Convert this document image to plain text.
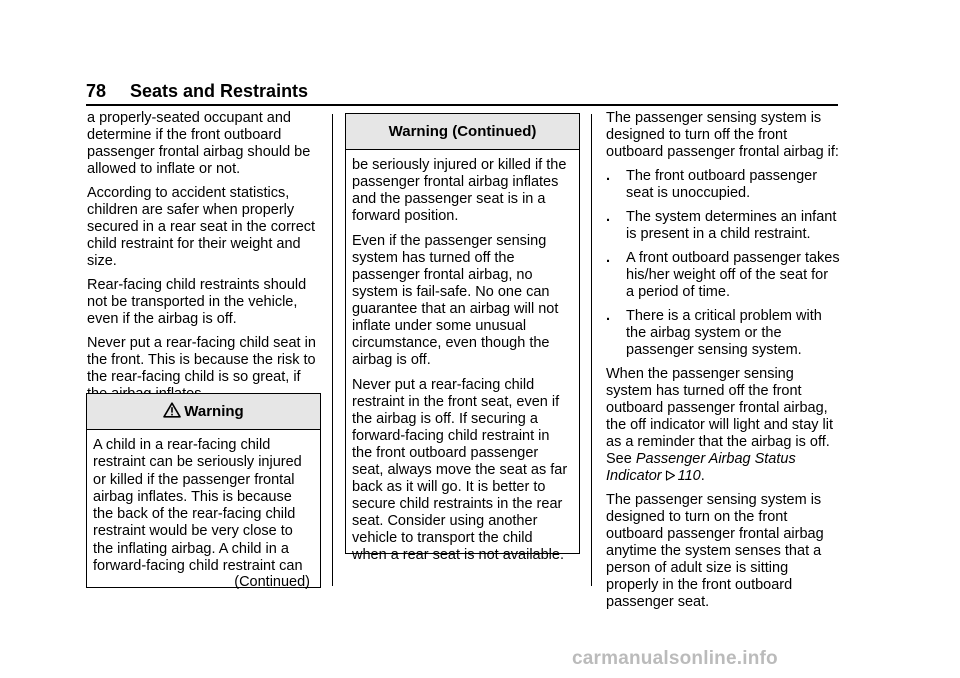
78 Seats and Restraints

a properly-seated occupant and determine if the front outboard passenger frontal airbag should be allowed to inflate or not.

According to accident statistics, children are safer when properly secured in a rear seat in the correct child restraint for their weight and size.

Rear-facing child restraints should not be transported in the vehicle, even if the airbag is off.

Never put a rear-facing child seat in the front. This is because the risk to the rear-facing child is so great, if

Warning

A child in a rear-facing child restraint can be seriously injured or killed if the passenger frontal airbag inflates. This is because the back of the rear-facing child restraint would be very close to the inflating airbag. A child in a forward-facing child restraint can

(Continued)
Warning (Continued)

be seriously injured or killed if the passenger frontal airbag inflates and the passenger seat is in a forward position.

Even if the passenger sensing system has turned off the passenger frontal airbag, no system is fail-safe. No one can guarantee that an airbag will not inflate under some unusual circumstance, even though the airbag is off.

Never put a rear-facing child restraint in the front seat, even if the airbag is off. If securing a forward-facing child restraint in the front outboard passenger seat, always move the seat as far back as it will go. It is better to secure child restraints in the rear seat. Consider using another vehicle to transport the child when a rear seat is not available.

The passenger sensing system is designed to turn off the front outboard passenger frontal airbag if:

.	The front outboard passenger seat is unoccupied.
.	The system determines an infant is present in a child restraint.
.	A front outboard passenger takes his/her weight off of the seat for a period of time.
.	There is a critical problem with the airbag system or the passenger sensing system.

When the passenger sensing system has turned off the front outboard passenger frontal airbag, the off indicator will light and stay lit as a reminder that the airbag is off. See Passenger Airbag Status Indicator 110.

The passenger sensing system is designed to turn on the front outboard passenger frontal airbag anytime the system senses that a person of adult size is sitting properly in the front outboard passenger seat.

carmanualsonline.info
